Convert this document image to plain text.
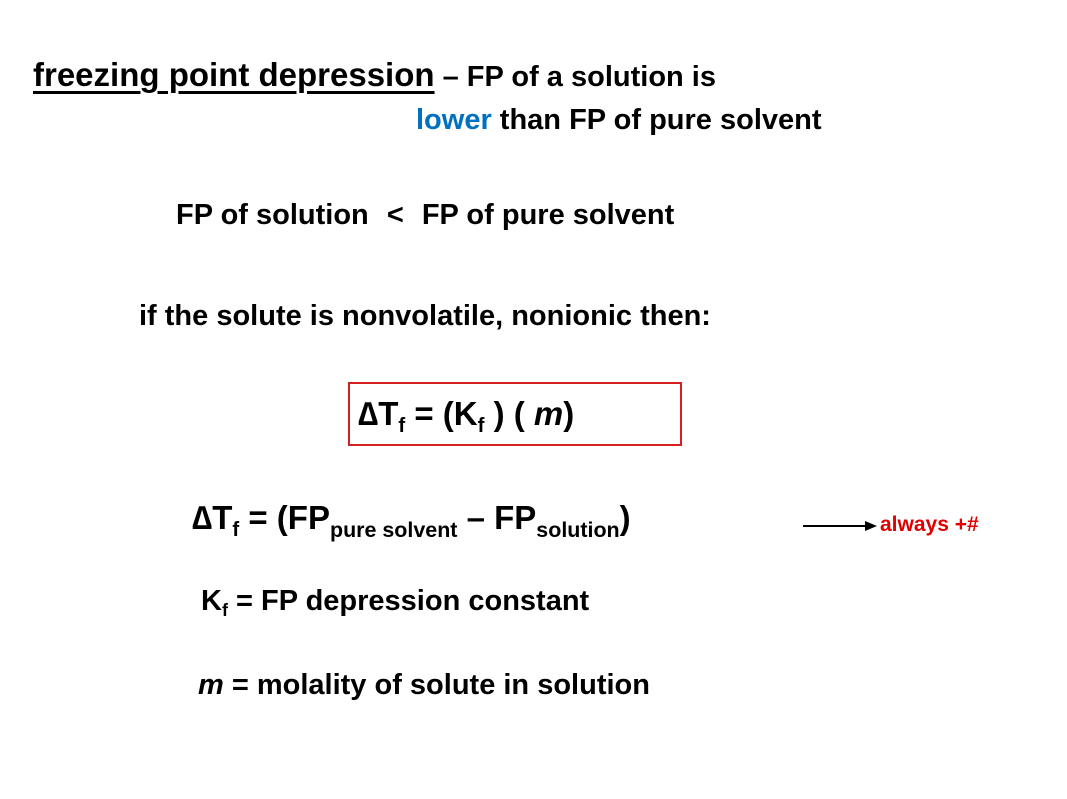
freezing point depression – FP of a solution is
lower than FP of pure solvent
FP of solution < FP of pure solvent
if the solute is nonvolatile, nonionic then:
$\Delta T_f = (K_f$ ) ( m)
$\Delta T_f = (FP_{pure solvent} - FP_{solution})$	always +#
$K_f$ = FP depression constant
m = molality of solute in solution
